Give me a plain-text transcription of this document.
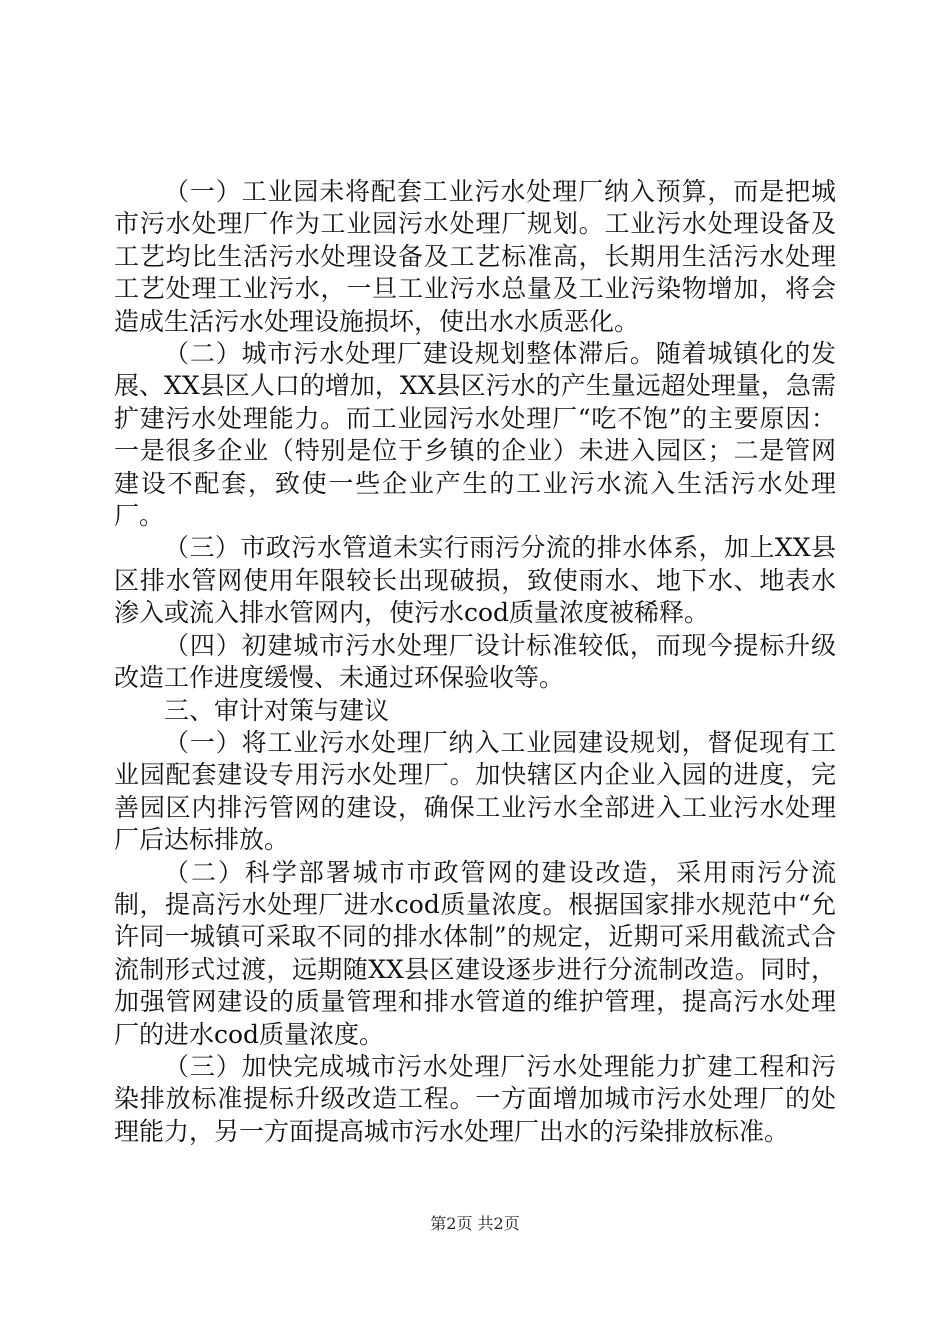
（一）工业园未将配套工业污水处理厂纳入预算，而是把城市污水处理厂作为工业园污水处理厂规划。工业污水处理设备及工艺均比生活污水处理设备及工艺标准高，长期用生活污水处理工艺处理工业污水，一旦工业污水总量及工业污染物增加，将会造成生活污水处理设施损坏，使出水水质恶化。

（二）城市污水处理厂建设规划整体滞后。随着城镇化的发展、XX县区人口的增加，XX县区污水的产生量远超处理量，急需扩建污水处理能力。而工业园污水处理厂“吃不饱”的主要原因：一是很多企业（特别是位于乡镇的企业）未进入园区；二是管网建设不配套，致使一些企业产生的工业污水流入生活污水处理厂。

（三）市政污水管道未实行雨污分流的排水体系，加上XX县区排水管网使用年限较长出现破损，致使雨水、地下水、地表水渗入或流入排水管网内，使污水cod质量浓度被稀释。

（四）初建城市污水处理厂设计标准较低，而现今提标升级改造工作进度缓慢、未通过环保验收等。

三、审计对策与建议

（一）将工业污水处理厂纳入工业园建设规划，督促现有工业园配套建设专用污水处理厂。加快辖区内企业入园的进度，完善园区内排污管网的建设，确保工业污水全部进入工业污水处理厂后达标排放。

（二）科学部署城市市政管网的建设改造，采用雨污分流制，提高污水处理厂进水cod质量浓度。根据国家排水规范中“允许同一城镇可采取不同的排水体制”的规定，近期可采用截流式合流制形式过渡，远期随XX县区建设逐步进行分流制改造。同时，加强管网建设的质量管理和排水管道的维护管理，提高污水处理厂的进水cod质量浓度。

（三）加快完成城市污水处理厂污水处理能力扩建工程和污染排放标准提标升级改造工程。一方面增加城市污水处理厂的处理能力，另一方面提高城市污水处理厂出水的污染排放标准。

第2页 共2页
